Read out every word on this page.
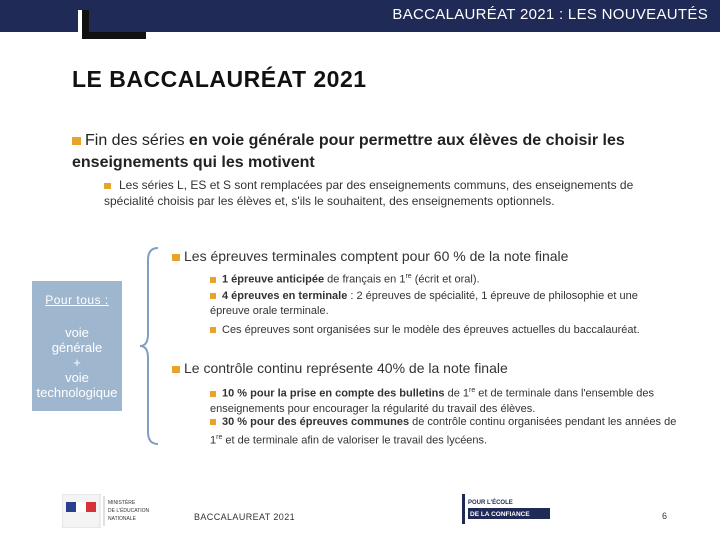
BACCALAURÉAT 2021 : LES NOUVEAUTÉS
LE BACCALAURÉAT 2021
Fin des séries en voie générale pour permettre aux élèves de choisir les enseignements qui les motivent
Les séries L, ES et S sont remplacées par des enseignements communs, des enseignements de spécialité choisis par les élèves et, s'ils le souhaitent, des enseignements optionnels.
Pour tous :
voie
générale
+
voie
technologique
Les épreuves terminales comptent pour 60 % de la note finale
1 épreuve anticipée de français en 1re (écrit et oral).
4 épreuves en terminale : 2 épreuves de spécialité, 1 épreuve de philosophie et une épreuve orale terminale.
Ces épreuves sont organisées sur le modèle des épreuves actuelles du baccalauréat.
Le contrôle continu représente 40% de la note finale
10 % pour la prise en compte des bulletins de 1re et de terminale dans l'ensemble des enseignements pour encourager la régularité du travail des élèves.
30 % pour des épreuves communes de contrôle continu organisées pendant les années de 1re et de terminale afin de valoriser le travail des lycéens.
MINISTÈRE
DE L'ÉDUCATION
NATIONALE	BACCALAUREAT 2021
POUR L'ÉCOLE
DE LA CONFIANCE	6
